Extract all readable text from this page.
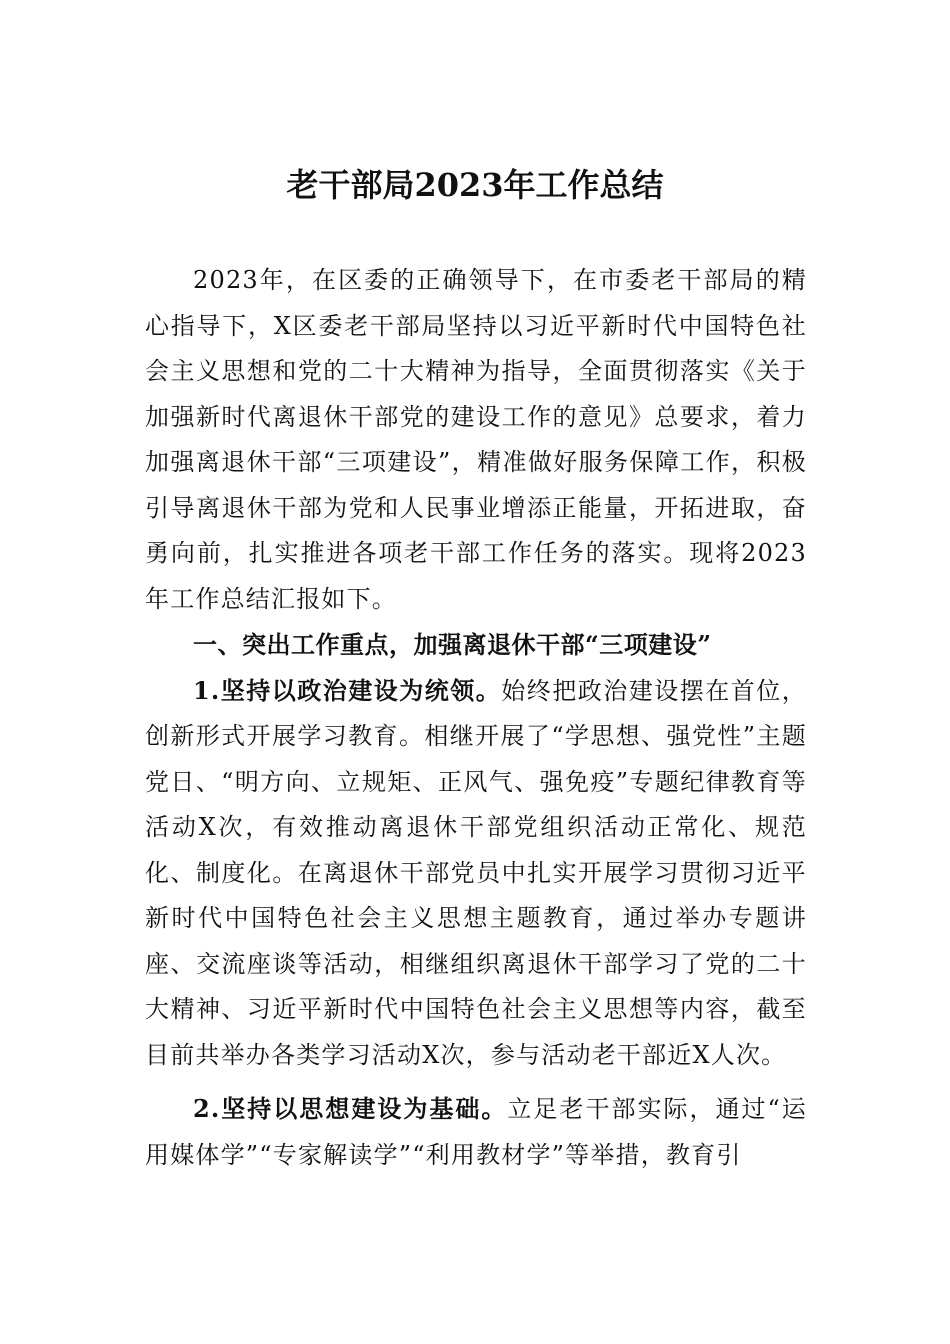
老干部局2023年工作总结

2023年，在区委的正确领导下，在市委老干部局的精心指导下，X区委老干部局坚持以习近平新时代中国特色社会主义思想和党的二十大精神为指导，全面贯彻落实《关于加强新时代离退休干部党的建设工作的意见》总要求，着力加强离退休干部“三项建设”，精准做好服务保障工作，积极引导离退休干部为党和人民事业增添正能量，开拓进取，奋勇向前，扎实推进各项老干部工作任务的落实。现将2023年工作总结汇报如下。

一、突出工作重点，加强离退休干部“三项建设”

1.坚持以政治建设为统领。始终把政治建设摆在首位，创新形式开展学习教育。相继开展了“学思想、强党性”主题党日、“明方向、立规矩、正风气、强免疫”专题纪律教育等活动X次，有效推动离退休干部党组织活动正常化、规范化、制度化。在离退休干部党员中扎实开展学习贯彻习近平新时代中国特色社会主义思想主题教育，通过举办专题讲座、交流座谈等活动，相继组织离退休干部学习了党的二十大精神、习近平新时代中国特色社会主义思想等内容，截至目前共举办各类学习活动X次，参与活动老干部近X人次。

2.坚持以思想建设为基础。立足老干部实际，通过“运用媒体学”“专家解读学”“利用教材学”等举措，教育引
